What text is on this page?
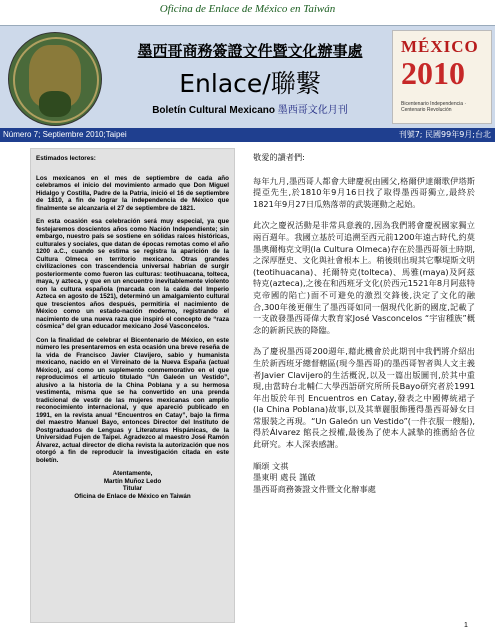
Oficina de Enlace de México en Taiwán
墨西哥商務簽證文件暨文化辦事處
Enlace/聯繫
Boletín Cultural Mexicano 墨西哥文化月刊
MÉXICO
2010
Bicentenario Independencia · Centenario Revolución
Número 7; Septiembre 2010;Taipei	刊號7; 民國99年9月;台北

Estimados lectores:

Los mexicanos en el mes de septiembre de cada año celebramos el inicio del movimiento armado que Don Miguel Hidalgo y Costilla, Padre de la Patria, inició el 16 de septiembre de 1810, a fin de lograr la independencia de México que finalmente se alcanzaría el 27 de septiembre de 1821.

En esta ocasión esa celebración será muy especial, ya que festejaremos doscientos años como Nación Independiente; sin embargo, nuestro país se sostiene en sólidas raíces históricas, culturales y sociales, que datan de épocas remotas como el año 1200 a.C., cuando se estima se registra la aparición de la Cultura Olmeca en territorio mexicano. Otras grandes civilizaciones con trascendencia universal habrían de surgir posteriormente como fueron las culturas: teotihuacana, tolteca, maya, y azteca, y que en un encuentro inevitablemente violento con la cultura española (marcada con la caída del Imperio Azteca en agosto de 1521), determinó un amalgamiento cultural que trescientos años después, permitiría el nacimiento de México como un estado-nación moderno, registrando el nacimiento de una nueva raza que inspiró el concepto de “raza cósmica” del gran educador mexicano José Vasconcelos.

Con la finalidad de celebrar el Bicentenario de México, en este número les presentaremos en esta ocasión una breve reseña de la vida de Francisco Javier Clavijero, sabio y humanista mexicano, nacido en el Virreinato de la Nueva España (actual México), así como un suplemento conmemorativo en el que reproducimos el artículo titulado “Un Galeón un Vestido”, alusivo a la historia de la China Poblana y a su hermosa vestimenta, misma que se ha convertido en una prenda tradicional de vestir de las mujeres mexicanas con amplio reconocimiento internacional, y que apareció publicado en 1991, en la revista anual “Encuentros en Catay”, bajo la firma del maestro Manuel Bayo, entonces Director del Instituto de Postgraduados de Lenguas y Literaturas Hispánicas, de la Universidad Fujen de Taipei. Agradezco al maestro José Ramón Álvarez, actual director de dicha revista la autorización que nos otorgó a fin de reproducir la investigación citada en este boletín.

Atentamente,
Martín Muñoz Ledo
Titular
Oficina de Enlace de México en Taiwán

敬愛的讀者們:

每年九月,墨西哥人都會大肆慶祝由國父,格爾伊達爾歌伊塔斯提亞先生,於1810年9月16日找了取得墨西哥獨立,最終於1821年9月27日瓜熟落蒂的武裝運動之起始。

此次之慶祝活動是非常具意義的,因為我們將會慶祝國家獨立兩百週年。我國立基於可追溯至西元前1200年遠古時代,約莫墨奧爾梅克文明(la Cultura Olmeca)存在於墨西哥領土時期,之深厚歷史、文化與社會根本上。稍後則出現其它擊堤斯文明(teotihuacana)、托爾特克(tolteca)、馬雅(maya)及阿茲特克(azteca),之後在和西班牙文化(於西元1521年8月阿茲特克帝國的陷亡)面不可避免的激烈交鋒後,決定了文化的融合,300年後更催生了墨西哥如同一個現代化新的國度,記載了一支啟發墨西哥偉大教育家José Vasconcelos “宇宙種族”概念的新新民族的降臨。

為了慶祝墨西哥200週年,藉此機會於此期刊中我們將介紹出生於新西班牙總督轄區(現今墨西哥)的墨西哥智者與人文主義者Javier Clavijero的生活概況,以及一篇出版圖刊,於其中重現,由當時台北輔仁大學西語研究所所長Bayo研究者於1991年出版於年刊 Encuentros en Catay,發表之中國傳統裙子(la China Poblana)故事,以及其華麗服飾獲得墨西哥婦女日常服裝之再現。“Un Galeón un Vestido”(一件衣服一艘船),得於Álvarez 館長之授權,最後為了使本人誠摯的推薦給各位此研究。本人深表感謝。

順頌 文祺

墨東明 處長 謹啟

墨西哥商務簽證文件暨文化辦事處

1
